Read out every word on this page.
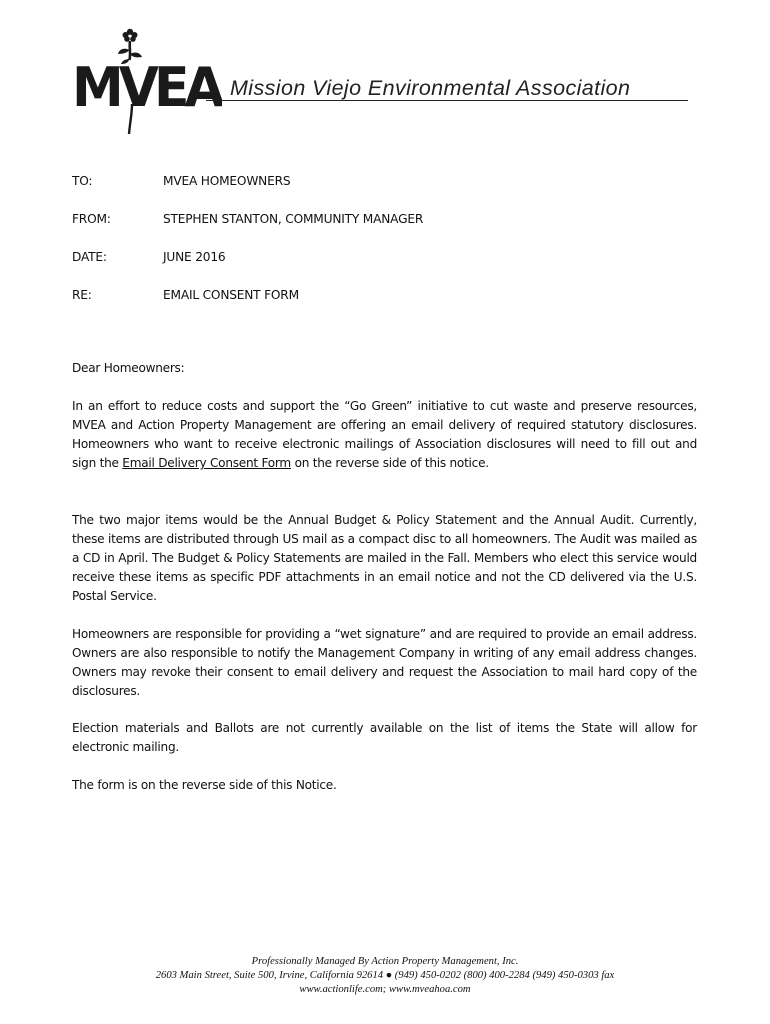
MVEA Mission Viejo Environmental Association
TO:	MVEA HOMEOWNERS
FROM:	STEPHEN STANTON, COMMUNITY MANAGER
DATE:	JUNE 2016
RE:	EMAIL CONSENT FORM

Dear Homeowners:

In an effort to reduce costs and support the “Go Green” initiative to cut waste and preserve resources, MVEA and Action Property Management are offering an email delivery of required statutory disclosures. Homeowners who want to receive electronic mailings of Association disclosures will need to fill out and sign the Email Delivery Consent Form on the reverse side of this notice.

The two major items would be the Annual Budget & Policy Statement and the Annual Audit. Currently, these items are distributed through US mail as a compact disc to all homeowners. The Audit was mailed as a CD in April. The Budget & Policy Statements are mailed in the Fall. Members who elect this service would receive these items as specific PDF attachments in an email notice and not the CD delivered via the U.S. Postal Service.

Homeowners are responsible for providing a “wet signature” and are required to provide an email address. Owners are also responsible to notify the Management Company in writing of any email address changes. Owners may revoke their consent to email delivery and request the Association to mail hard copy of the disclosures.

Election materials and Ballots are not currently available on the list of items the State will allow for electronic mailing.

The form is on the reverse side of this Notice.

Professionally Managed By Action Property Management, Inc.
2603 Main Street, Suite 500, Irvine, California 92614 ● (949) 450-0202 (800) 400-2284 (949) 450-0303 fax
www.actionlife.com; www.mveahoa.com
